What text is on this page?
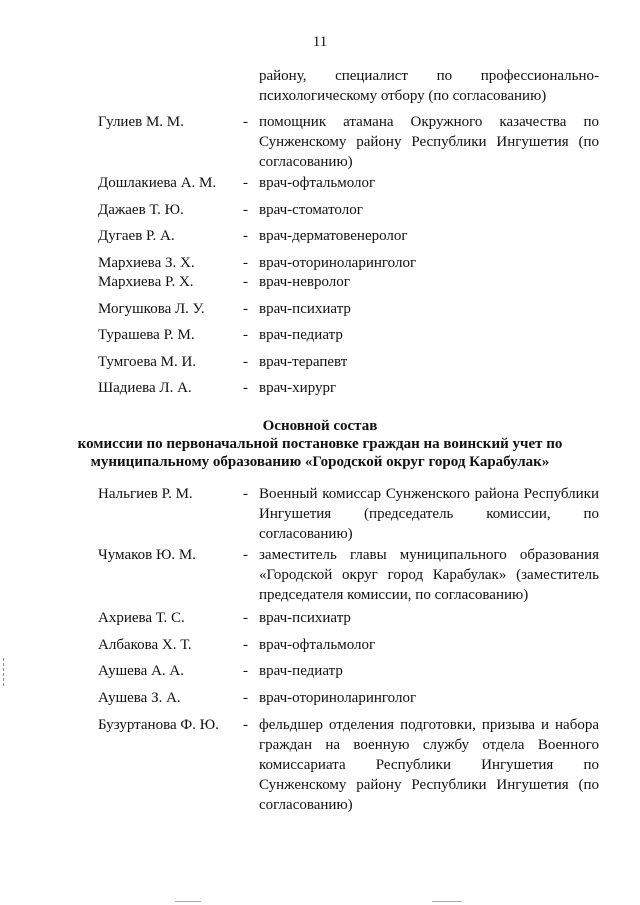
11
району, специалист по профессионально-психологическому отбору (по согласованию)
Гулиев М. М.	- помощник атамана Окружного казачества по Сунженскому району Республики Ингушетия (по согласованию)
Дошлакиева А. М. - врач-офтальмолог
Дажаев Т. Ю.	- врач-стоматолог
Дугаев Р. А.	- врач-дерматовенеролог
Мархиева З. Х.	- врач-оториноларинголог
Мархиева Р. Х.	- врач-невролог
Могушкова Л. У.	- врач-психиатр
Турашева Р. М.	- врач-педиатр
Тумгоева М. И.	- врач-терапевт
Шадиева Л. А.	- врач-хирург
Основной состав
комиссии по первоначальной постановке граждан на воинский учет по
муниципальному образованию «Городской округ город Карабулак»
Нальгиев Р. М.	- Военный комиссар Сунженского района Республики Ингушетия (председатель комиссии, по согласованию)
Чумаков Ю. М.	- заместитель главы муниципального образования «Городской округ город Карабулак» (заместитель председателя комиссии, по согласованию)
Ахриева Т. С.	- врач-психиатр
Албакова Х. Т.	- врач-офтальмолог
Аушева А. А.	- врач-педиатр
Аушева З. А.	- врач-оториноларинголог
Бузуртанова Ф. Ю. - фельдшер отделения подготовки, призыва и набора граждан на военную службу отдела Военного комиссариата Республики Ингушетия по Сунженскому району Республики Ингушетия (по согласованию)
